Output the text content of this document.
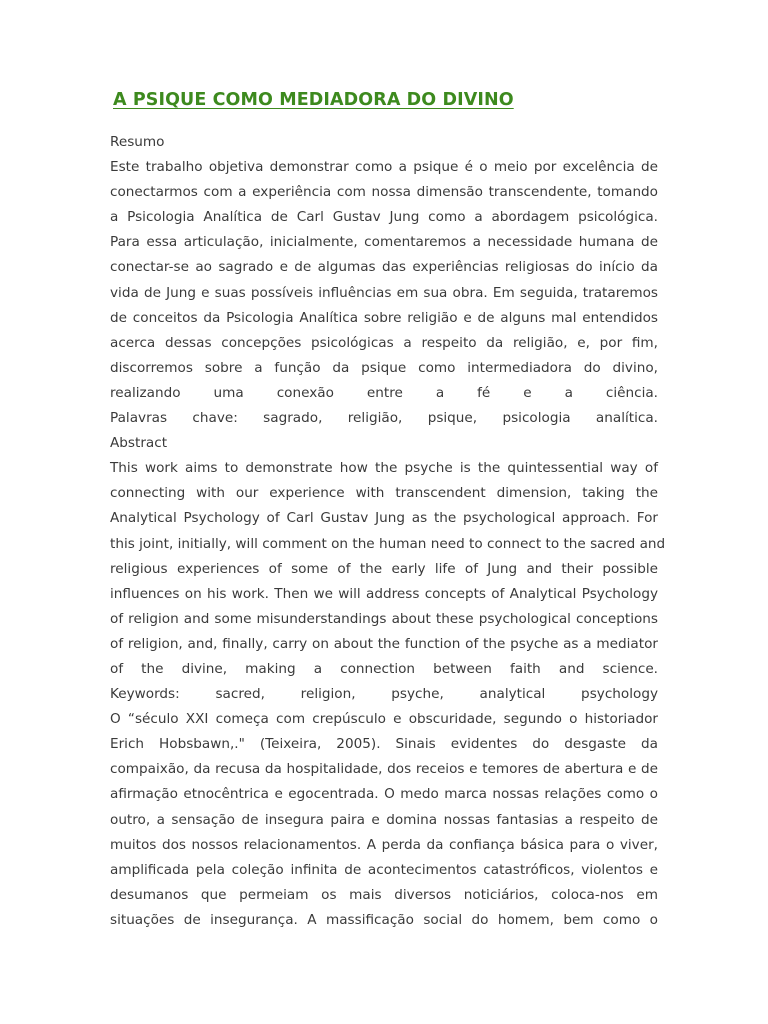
A PSIQUE COMO MEDIADORA DO DIVINO
Resumo
Este trabalho objetiva demonstrar como a psique é o meio por excelência de
conectarmos com a experiência com nossa dimensão transcendente, tomando
a Psicologia Analítica de Carl Gustav Jung como a abordagem psicológica.
Para essa articulação, inicialmente, comentaremos a necessidade humana de
conectar-se ao sagrado e de algumas das experiências religiosas do início da
vida de Jung e suas possíveis influências em sua obra. Em seguida, trataremos
de conceitos da Psicologia Analítica sobre religião e de alguns mal entendidos
acerca dessas concepções psicológicas a respeito da religião, e, por fim,
discorremos sobre a função da psique como intermediadora do divino,
realizando uma conexão entre a fé e a ciência.
Palavras chave: sagrado, religião, psique, psicologia analítica.
Abstract
This work aims to demonstrate how the psyche is the quintessential way of
connecting with our experience with transcendent dimension, taking the
Analytical Psychology of Carl Gustav Jung as the psychological approach. For
this joint, initially, will comment on the human need to connect to the sacred and
religious experiences of some of the early life of Jung and their possible
influences on his work. Then we will address concepts of Analytical Psychology
of religion and some misunderstandings about these psychological conceptions
of religion, and, finally, carry on about the function of the psyche as a mediator
of the divine, making a connection between faith and science.
Keywords: sacred, religion, psyche, analytical psychology
O “século XXI começa com crepúsculo e obscuridade, segundo o historiador
Erich Hobsbawn,." (Teixeira, 2005). Sinais evidentes do desgaste da
compaixão, da recusa da hospitalidade, dos receios e temores de abertura e de
afirmação etnocêntrica e egocentrada. O medo marca nossas relações como o
outro, a sensação de insegura paira e domina nossas fantasias a respeito de
muitos dos nossos relacionamentos. A perda da confiança básica para o viver,
amplificada pela coleção infinita de acontecimentos catastróficos, violentos e
desumanos que permeiam os mais diversos noticiários, coloca-nos em
situações de insegurança. A massificação social do homem, bem como o
